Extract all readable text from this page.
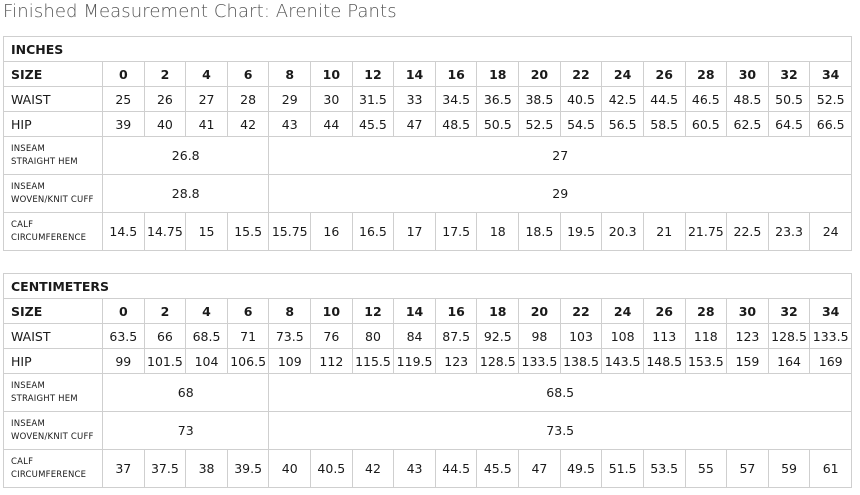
Finished Measurement Chart: Arenite Pants
INCHES																		
SIZE	0	2	4	6	8	10	12	14	16	18	20	22	24	26	28	30	32	34
WAIST	25	26	27	28	29	30	31.5	33	34.5	36.5	38.5	40.5	42.5	44.5	46.5	48.5	50.5	52.5
HIP	39	40	41	42	43	44	45.5	47	48.5	50.5	52.5	54.5	56.5	58.5	60.5	62.5	64.5	66.5

INSEAM
STRAIGHT HEM	26.8				27													

INSEAM
WOVEN/KNIT CUFF	28.8				29													

CALF
CIRCUMFERENCE	14.5	14.75	15	15.5	15.75	16	16.5	17	17.5	18	18.5	19.5	20.3	21	21.75	22.5	23.3	24
CENTIMETERS																		
SIZE	0	2	4	6	8	10	12	14	16	18	20	22	24	26	28	30	32	34
WAIST	63.5	66	68.5	71	73.5	76	80	84	87.5	92.5	98	103	108	113	118	123	128.5	133.5
HIP	99	101.5	104	106.5	109	112	115.5	119.5	123	128.5	133.5	138.5	143.5	148.5	153.5	159	164	169

INSEAM
STRAIGHT HEM	68				68.5													

INSEAM
WOVEN/KNIT CUFF	73				73.5													

CALF
CIRCUMFERENCE	37	37.5	38	39.5	40	40.5	42	43	44.5	45.5	47	49.5	51.5	53.5	55	57	59	61
